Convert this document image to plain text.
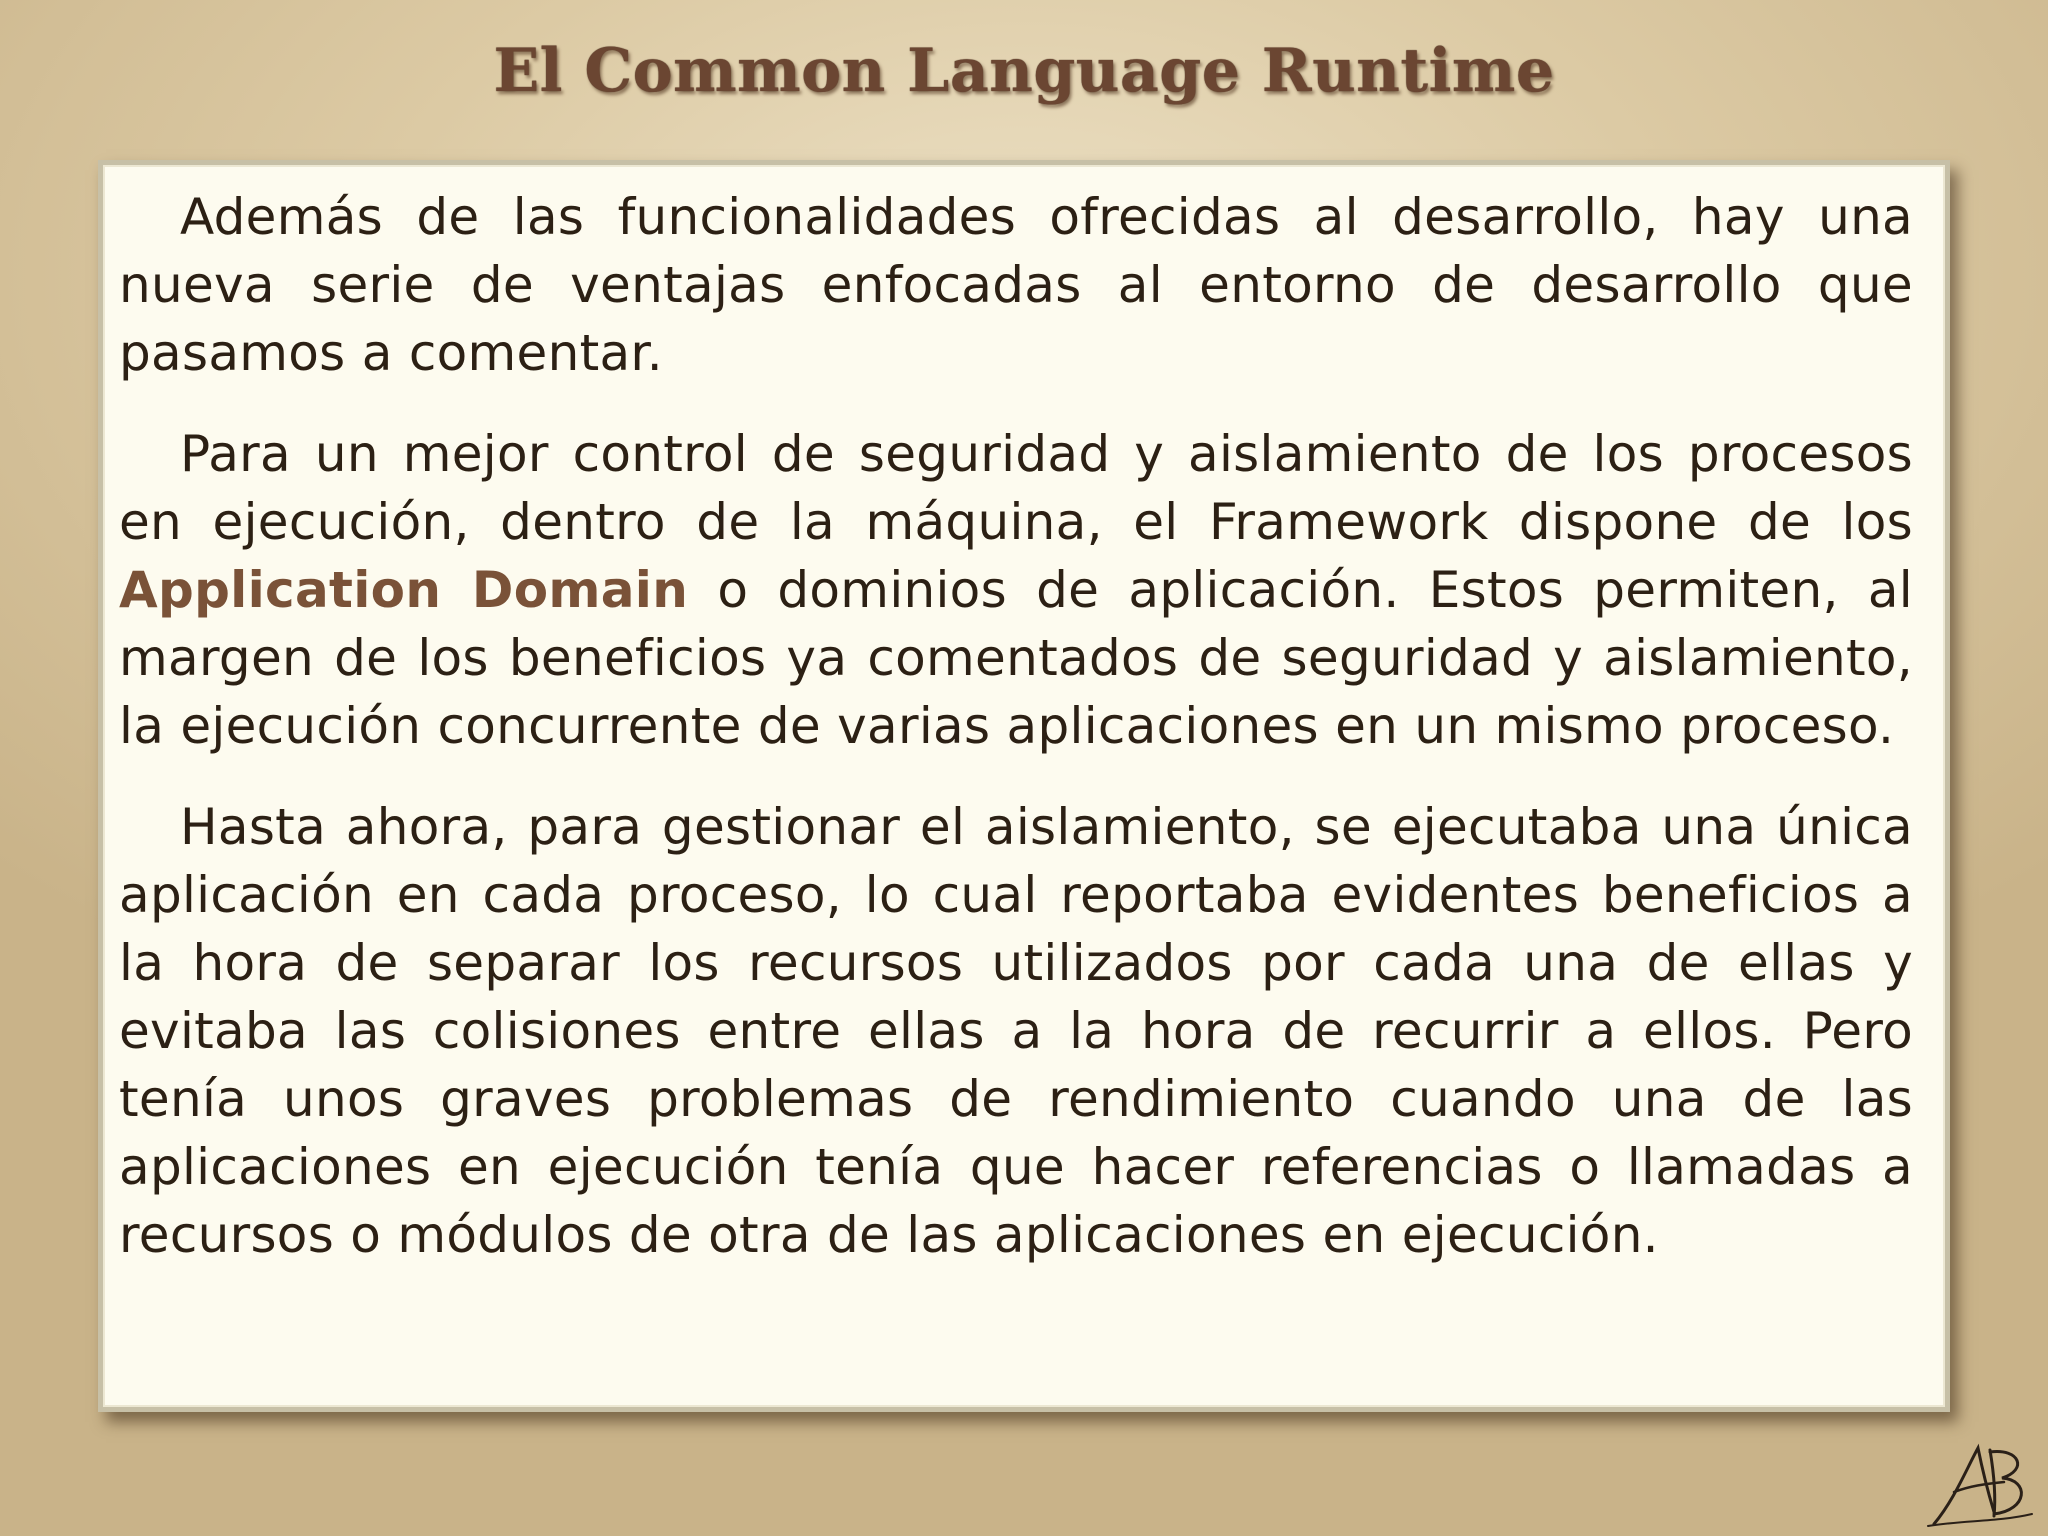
El Common Language Runtime

Además de las funcionalidades ofrecidas al desarrollo, hay una nueva serie de ventajas enfocadas al entorno de desarrollo que pasamos a comentar.

Para un mejor control de seguridad y aislamiento de los procesos en ejecución, dentro de la máquina, el Framework dispone de los Application Domain o dominios de aplicación. Estos permiten, al margen de los beneficios ya comentados de seguridad y aislamiento, la ejecución concurrente de varias aplicaciones en un mismo proceso.

Hasta ahora, para gestionar el aislamiento, se ejecutaba una única aplicación en cada proceso, lo cual reportaba evidentes beneficios a la hora de separar los recursos utilizados por cada una de ellas y evitaba las colisiones entre ellas a la hora de recurrir a ellos. Pero tenía unos graves problemas de rendimiento cuando una de las aplicaciones en ejecución tenía que hacer referencias o llamadas a recursos o módulos de otra de las aplicaciones en ejecución.
